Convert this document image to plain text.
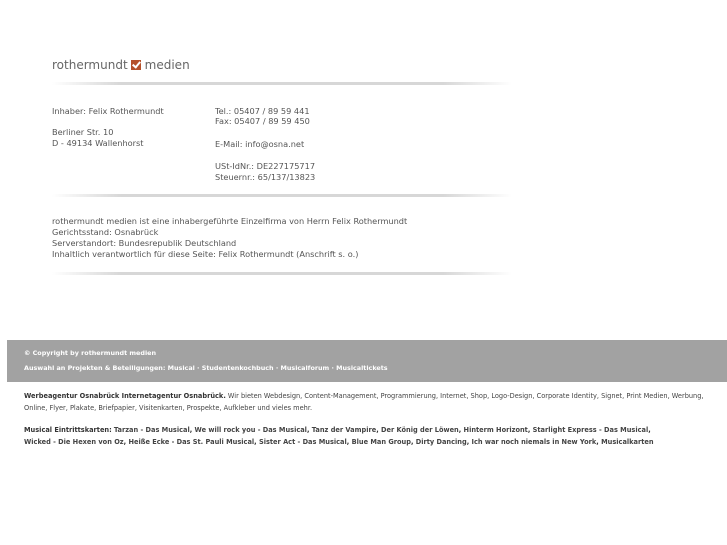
rothermundt medien
Inhaber: Felix Rothermundt
Berliner Str. 10
D - 49134 Wallenhorst
Tel.: 05407 / 89 59 441
Fax: 05407 / 89 59 450
E-Mail: info@osna.net
USt-IdNr.: DE227175717
Steuernr.: 65/137/13823
rothermundt medien ist eine inhabergeführte Einzelfirma von Herrn Felix Rothermundt
Gerichtsstand: Osnabrück
Serverstandort: Bundesrepublik Deutschland
Inhaltlich verantwortlich für diese Seite: Felix Rothermundt (Anschrift s. o.)
© Copyright by rothermundt medien
Auswahl an Projekten & Beteiligungen: Musical · Studentenkochbuch · Musicalforum · Musicaltickets

Werbeagentur Osnabrück Internetagentur Osnabrück. Wir bieten Webdesign, Content-Management, Programmierung, Internet, Shop, Logo-Design, Corporate Identity, Signet, Print Medien, Werbung, Online, Flyer, Plakate, Briefpapier, Visitenkarten, Prospekte, Aufkleber und vieles mehr.

Musical Eintrittskarten: Tarzan - Das Musical, We will rock you - Das Musical, Tanz der Vampire, Der König der Löwen, Hinterm Horizont, Starlight Express - Das Musical, Wicked - Die Hexen von Oz, Heiße Ecke - Das St. Pauli Musical, Sister Act - Das Musical, Blue Man Group, Dirty Dancing, Ich war noch niemals in New York, Musicalkarten
